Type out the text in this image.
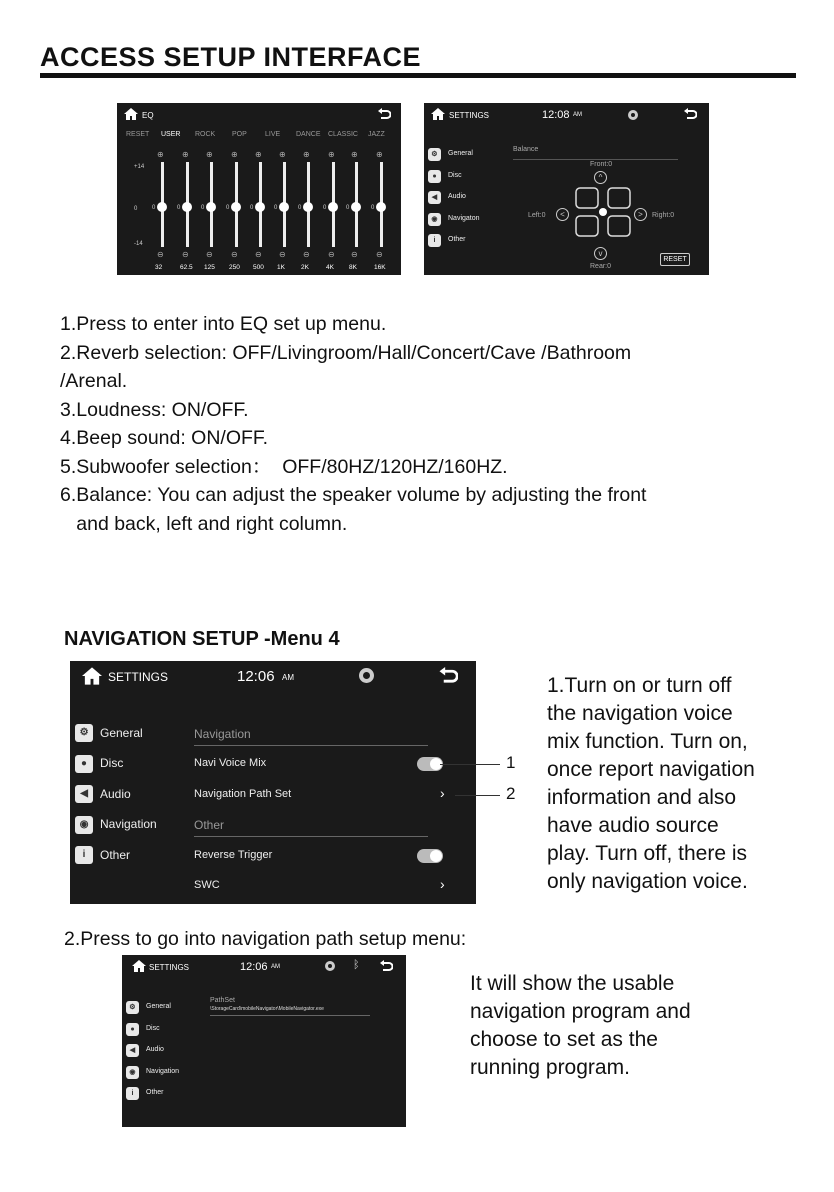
ACCESS SETUP INTERFACE
EQ
RESET USER ROCK POP	LIVE DANCE CLASSIC JAZZ
+14
0
-14
⊕
0
⊖
32
⊕
0
⊖
62.5
⊕
0
⊖
125
⊕
0
⊖
250
⊕
0
⊖
500
⊕
0
⊖
1K
⊕
0
⊖
2K
⊕
0
⊖
4K
⊕
0
⊖
8K
⊕
0
⊖
16K
SETTINGS	12:08 AM
⚙	General
●	Disc
◀	Audio
◉	Navigaton
i	Other
Balance
Front:0
^
Left:0	<	>	Right:0
v
Rear:0
RESET
1.Press to enter into EQ set up menu.
2.Reverb selection: OFF/Livingroom/Hall/Concert/Cave /Bathroom
/Arenal.
3.Loudness: ON/OFF.
4.Beep sound: ON/OFF.
5.Subwoofer selection：  OFF/80HZ/120HZ/160HZ.
6.Balance: You can adjust the speaker volume by adjusting the front
and back, left and right column.
NAVIGATION SETUP -Menu 4
SETTINGS	12:06 AM
⚙ General
●	Disc
◀	Audio
◉ Navigation
i	Other
Navigation
Navi Voice Mix
Navigation Path Set	›
Other
Reverse Trigger
SWC	›
1
2
1.Turn on or turn off
the navigation voice
mix function. Turn on,
once report navigation
information and also
have audio source
play. Turn off, there is
only navigation voice.
2.Press to go into navigation path setup menu:
SETTINGS	12:06 AM	ᛒ
⚙	General
●	Disc
◀	Audio
◉	Navigation
i	Other
PathSet
\StorageCard\mobileNavigator\MobileNavigator.exe
It will show the usable
navigation program and
choose to set as the
running program.
